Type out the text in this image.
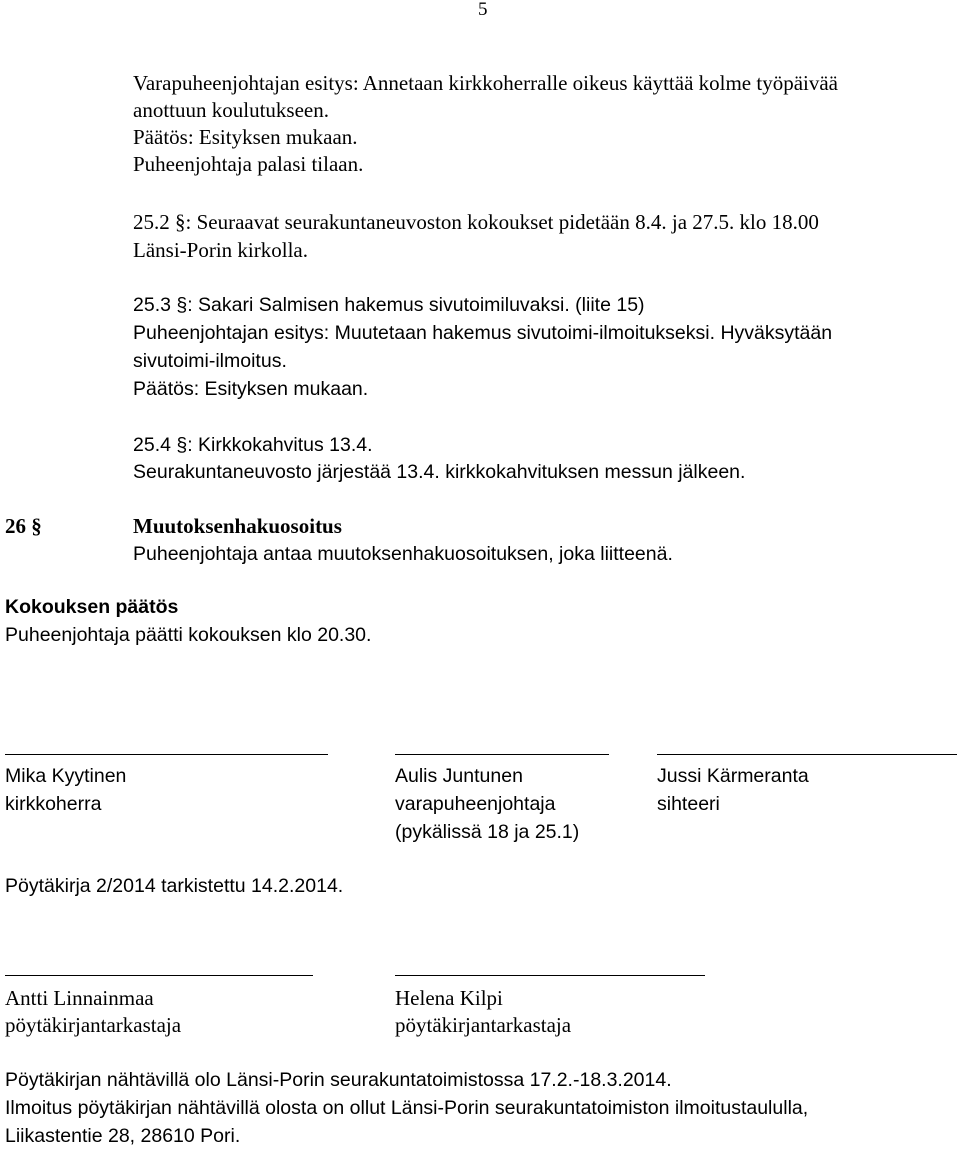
5
Varapuheenjohtajan esitys: Annetaan kirkkoherralle oikeus käyttää kolme työpäivää
anottuun koulutukseen.
Päätös: Esityksen mukaan.
Puheenjohtaja palasi tilaan.
25.2 §: Seuraavat seurakuntaneuvoston kokoukset pidetään 8.4. ja 27.5. klo 18.00
Länsi-Porin kirkolla.
25.3 §: Sakari Salmisen hakemus sivutoimiluvaksi. (liite 15)
Puheenjohtajan esitys: Muutetaan hakemus sivutoimi-ilmoitukseksi. Hyväksytään
sivutoimi-ilmoitus.
Päätös: Esityksen mukaan.
25.4 §: Kirkkokahvitus 13.4.
Seurakuntaneuvosto järjestää 13.4. kirkkokahvituksen messun jälkeen.
26 §	Muutoksenhakuosoitus
Puheenjohtaja antaa muutoksenhakuosoituksen, joka liitteenä.
Kokouksen päätös
Puheenjohtaja päätti kokouksen klo 20.30.
Mika Kyytinen
kirkkoherra
Aulis Juntunen
varapuheenjohtaja
(pykälissä 18 ja 25.1)
Jussi Kärmeranta
sihteeri
Pöytäkirja 2/2014 tarkistettu 14.2.2014.
Antti Linnainmaa
pöytäkirjantarkastaja
Helena Kilpi
pöytäkirjantarkastaja
Pöytäkirjan nähtävillä olo Länsi-Porin seurakuntatoimistossa 17.2.-18.3.2014.
Ilmoitus pöytäkirjan nähtävillä olosta on ollut Länsi-Porin seurakuntatoimiston ilmoitustaululla,
Liikastentie 28, 28610 Pori.
